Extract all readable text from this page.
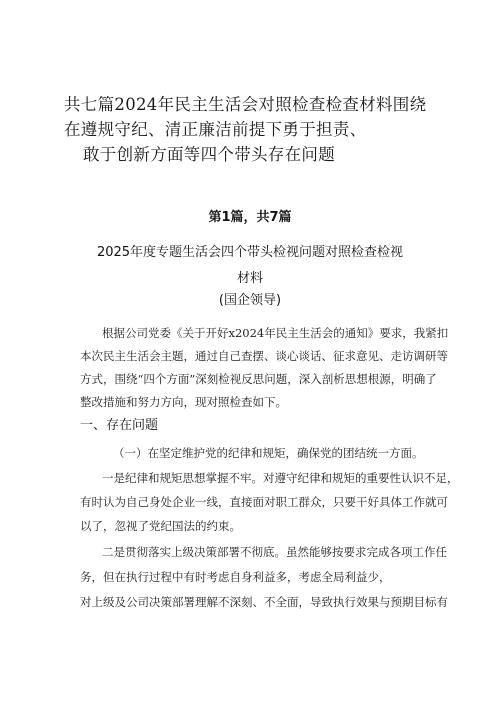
共七篇2024年民主生活会对照检查检查材料围绕
在遵规守纪、清正廉洁前提下勇于担责、
敢于创新方面等四个带头存在问题
第1篇，共7篇
2025年度专题生活会四个带头检视问题对照检查检视
材料
(国企领导)
根据公司党委《关于开好x2024年民主生活会的通知》要求，我紧扣
本次民主生活会主题，通过自己查摆、谈心谈话、征求意见、走访调研等
方式，围绕“四个方面”深刻检视反思问题，深入剖析思想根源，明确了
整改措施和努力方向，现对照检查如下。
一、存在问题
（一）在坚定维护党的纪律和规矩，确保党的团结统一方面。
一是纪律和规矩思想掌握不牢。对遵守纪律和规矩的重要性认识不足，
有时认为自己身处企业一线，直接面对职工群众，只要干好具体工作就可
以了，忽视了党纪国法的约束。
二是贯彻落实上级决策部署不彻底。虽然能够按要求完成各项工作任
务，但在执行过程中有时考虑自身利益多，考虑全局利益少，
对上级及公司决策部署理解不深刻、不全面，导致执行效果与预期目标有
